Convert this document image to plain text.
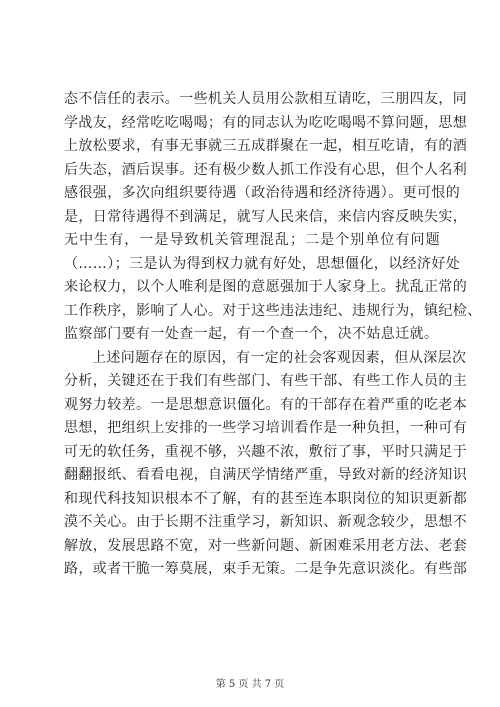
态不信任的表示。一些机关人员用公款相互请吃，三朋四友，同
学战友，经常吃吃喝喝；有的同志认为吃吃喝喝不算问题，思想
上放松要求，有事无事就三五成群聚在一起，相互吃请，有的酒
后失态，酒后误事。还有极少数人抓工作没有心思，但个人名利
感很强，多次向组织要待遇（政治待遇和经济待遇）。更可恨的
是，日常待遇得不到满足，就写人民来信，来信内容反映失实，
无中生有，一是导致机关管理混乱；二是个别单位有问题
（……）；三是认为得到权力就有好处，思想僵化，以经济好处
来论权力，以个人唯利是图的意愿强加于人家身上。扰乱正常的
工作秩序，影响了人心。对于这些违法违纪、违规行为，镇纪检、
监察部门要有一处查一起，有一个查一个，决不姑息迁就。
上述问题存在的原因，有一定的社会客观因素，但从深层次
分析，关键还在于我们有些部门、有些干部、有些工作人员的主
观努力较差。一是思想意识僵化。有的干部存在着严重的吃老本
思想，把组织上安排的一些学习培训看作是一种负担，一种可有
可无的软任务，重视不够，兴趣不浓，敷衍了事，平时只满足于
翻翻报纸、看看电视，自满厌学情绪严重，导致对新的经济知识
和现代科技知识根本不了解，有的甚至连本职岗位的知识更新都
漠不关心。由于长期不注重学习，新知识、新观念较少，思想不
解放，发展思路不宽，对一些新问题、新困难采用老方法、老套
路，或者干脆一筹莫展，束手无策。二是争先意识淡化。有些部
第 5 页 共 7 页
